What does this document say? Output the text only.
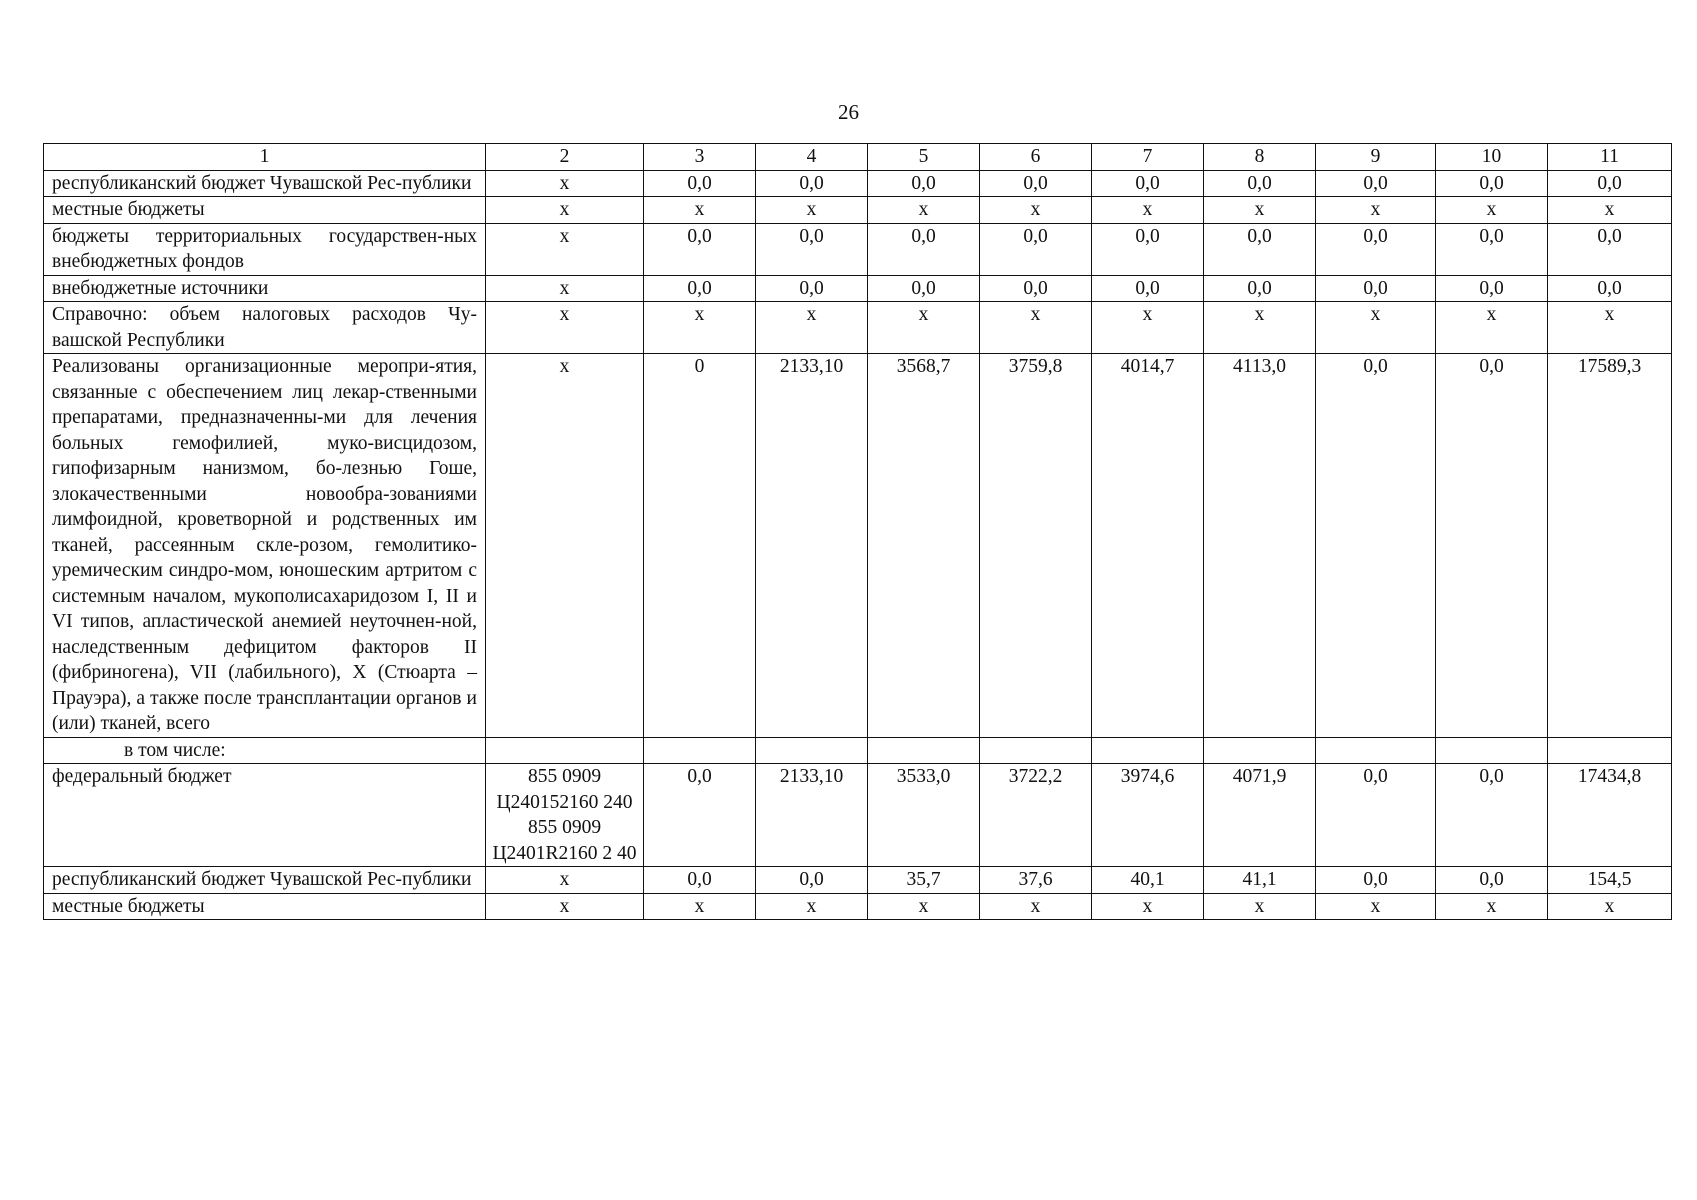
26
1	2	3	4	5	6	7	8	9	10	11
республиканский бюджет Чувашской Рес-публики	x	0,0	0,0	0,0	0,0	0,0	0,0	0,0	0,0	0,0
местные бюджеты	x	x	x	x	x	x	x	x	x	x
бюджеты территориальных государствен-ных внебюджетных фондов	x	0,0	0,0	0,0	0,0	0,0	0,0	0,0	0,0	0,0
внебюджетные источники	x	0,0	0,0	0,0	0,0	0,0	0,0	0,0	0,0	0,0
Справочно: объем налоговых расходов Чу-вашской Республики	x	x	x	x	x	x	x	x	x	x
Реализованы организационные меропри-ятия, связанные с обеспечением лиц лекар-ственными препаратами, предназначенны-ми для лечения больных гемофилией, муко-висцидозом, гипофизарным нанизмом, бо-лезнью Гоше, злокачественными новообра-зованиями лимфоидной, кроветворной и родственных им тканей, рассеянным скле-розом, гемолитико-уремическим синдро-мом, юношеским артритом с системным началом, мукополисахаридозом I, II и VI типов, апластической анемией неуточнен-ной, наследственным дефицитом факторов II (фибриногена), VII (лабильного), X (Стюарта – Прауэра), а также после трансплантации органов и (или) тканей, всего	x	0	2133,10	3568,7	3759,8	4014,7	4113,0	0,0	0,0	17589,3
в том числе:										
федеральный бюджет	855 0909 Ц240152160 240 855 0909 Ц2401R2160 2 40	0,0	2133,10	3533,0	3722,2	3974,6	4071,9	0,0	0,0	17434,8
республиканский бюджет Чувашской Рес-публики	x	0,0	0,0	35,7	37,6	40,1	41,1	0,0	0,0	154,5
местные бюджеты	x	x	x	x	x	x	x	x	x	x
